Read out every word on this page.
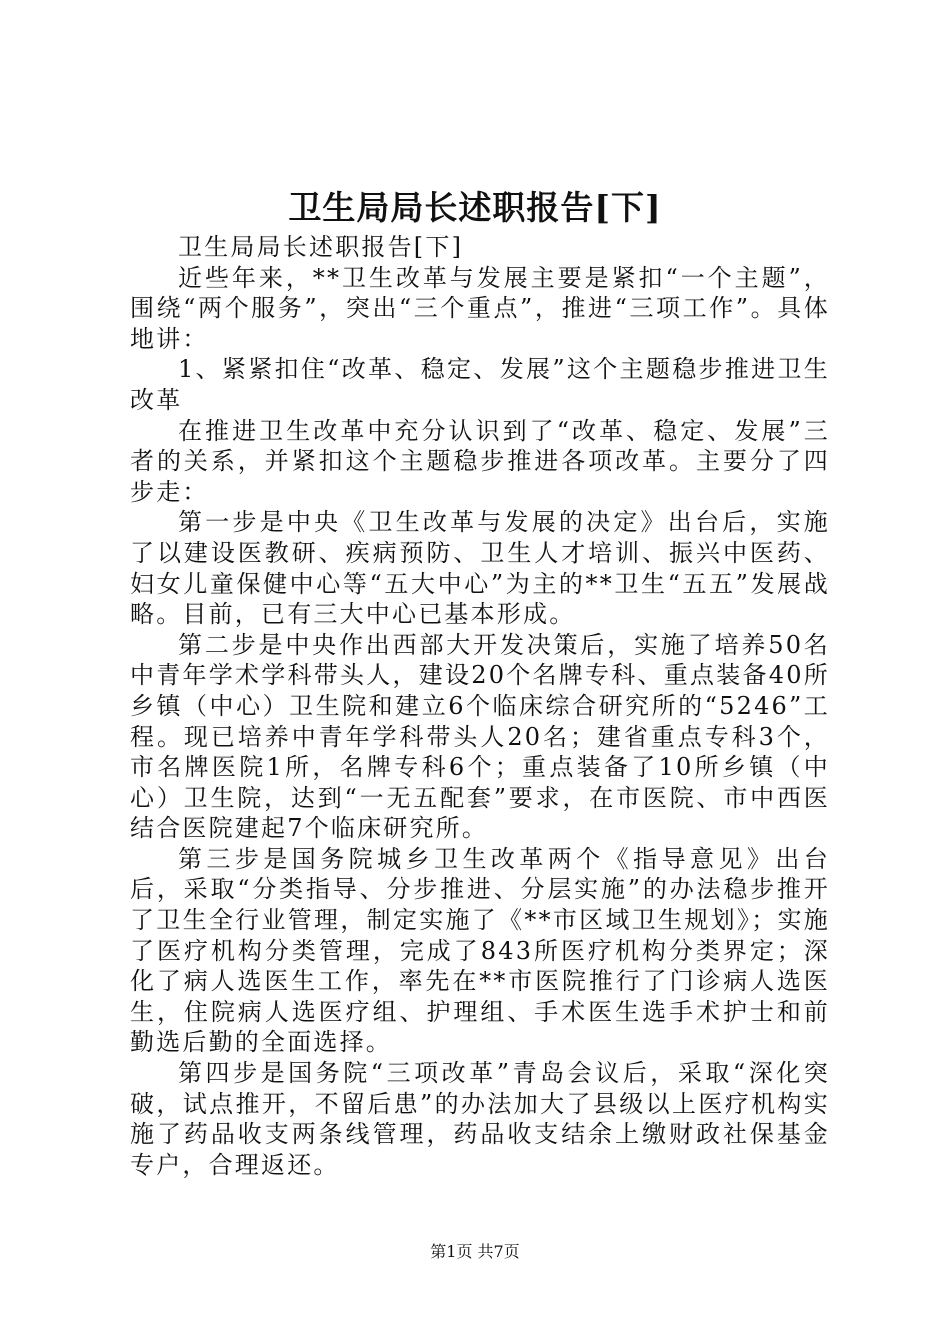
卫生局局长述职报告[下]

卫生局局长述职报告[下]

近些年来，**卫生改革与发展主要是紧扣“一个主题”，围绕“两个服务”，突出“三个重点”，推进“三项工作”。具体地讲：

1、紧紧扣住“改革、稳定、发展”这个主题稳步推进卫生改革

在推进卫生改革中充分认识到了“改革、稳定、发展”三者的关系，并紧扣这个主题稳步推进各项改革。主要分了四步走：

第一步是中央《卫生改革与发展的决定》出台后，实施了以建设医教研、疾病预防、卫生人才培训、振兴中医药、妇女儿童保健中心等“五大中心”为主的**卫生“五五”发展战略。目前，已有三大中心已基本形成。

第二步是中央作出西部大开发决策后，实施了培养50名中青年学术学科带头人，建设20个名牌专科、重点装备40所乡镇（中心）卫生院和建立6个临床综合研究所的“5246”工程。现已培养中青年学科带头人20名；建省重点专科3个，市名牌医院1所，名牌专科6个；重点装备了10所乡镇（中心）卫生院，达到“一无五配套”要求，在市医院、市中西医结合医院建起7个临床研究所。

第三步是国务院城乡卫生改革两个《指导意见》出台后，采取“分类指导、分步推进、分层实施”的办法稳步推开了卫生全行业管理，制定实施了《**市区域卫生规划》；实施了医疗机构分类管理，完成了843所医疗机构分类界定；深化了病人选医生工作，率先在**市医院推行了门诊病人选医生，住院病人选医疗组、护理组、手术医生选手术护士和前勤选后勤的全面选择。

第四步是国务院“三项改革”青岛会议后，采取“深化突破，试点推开，不留后患”的办法加大了县级以上医疗机构实施了药品收支两条线管理，药品收支结余上缴财政社保基金专户，合理返还。

第1页 共7页
